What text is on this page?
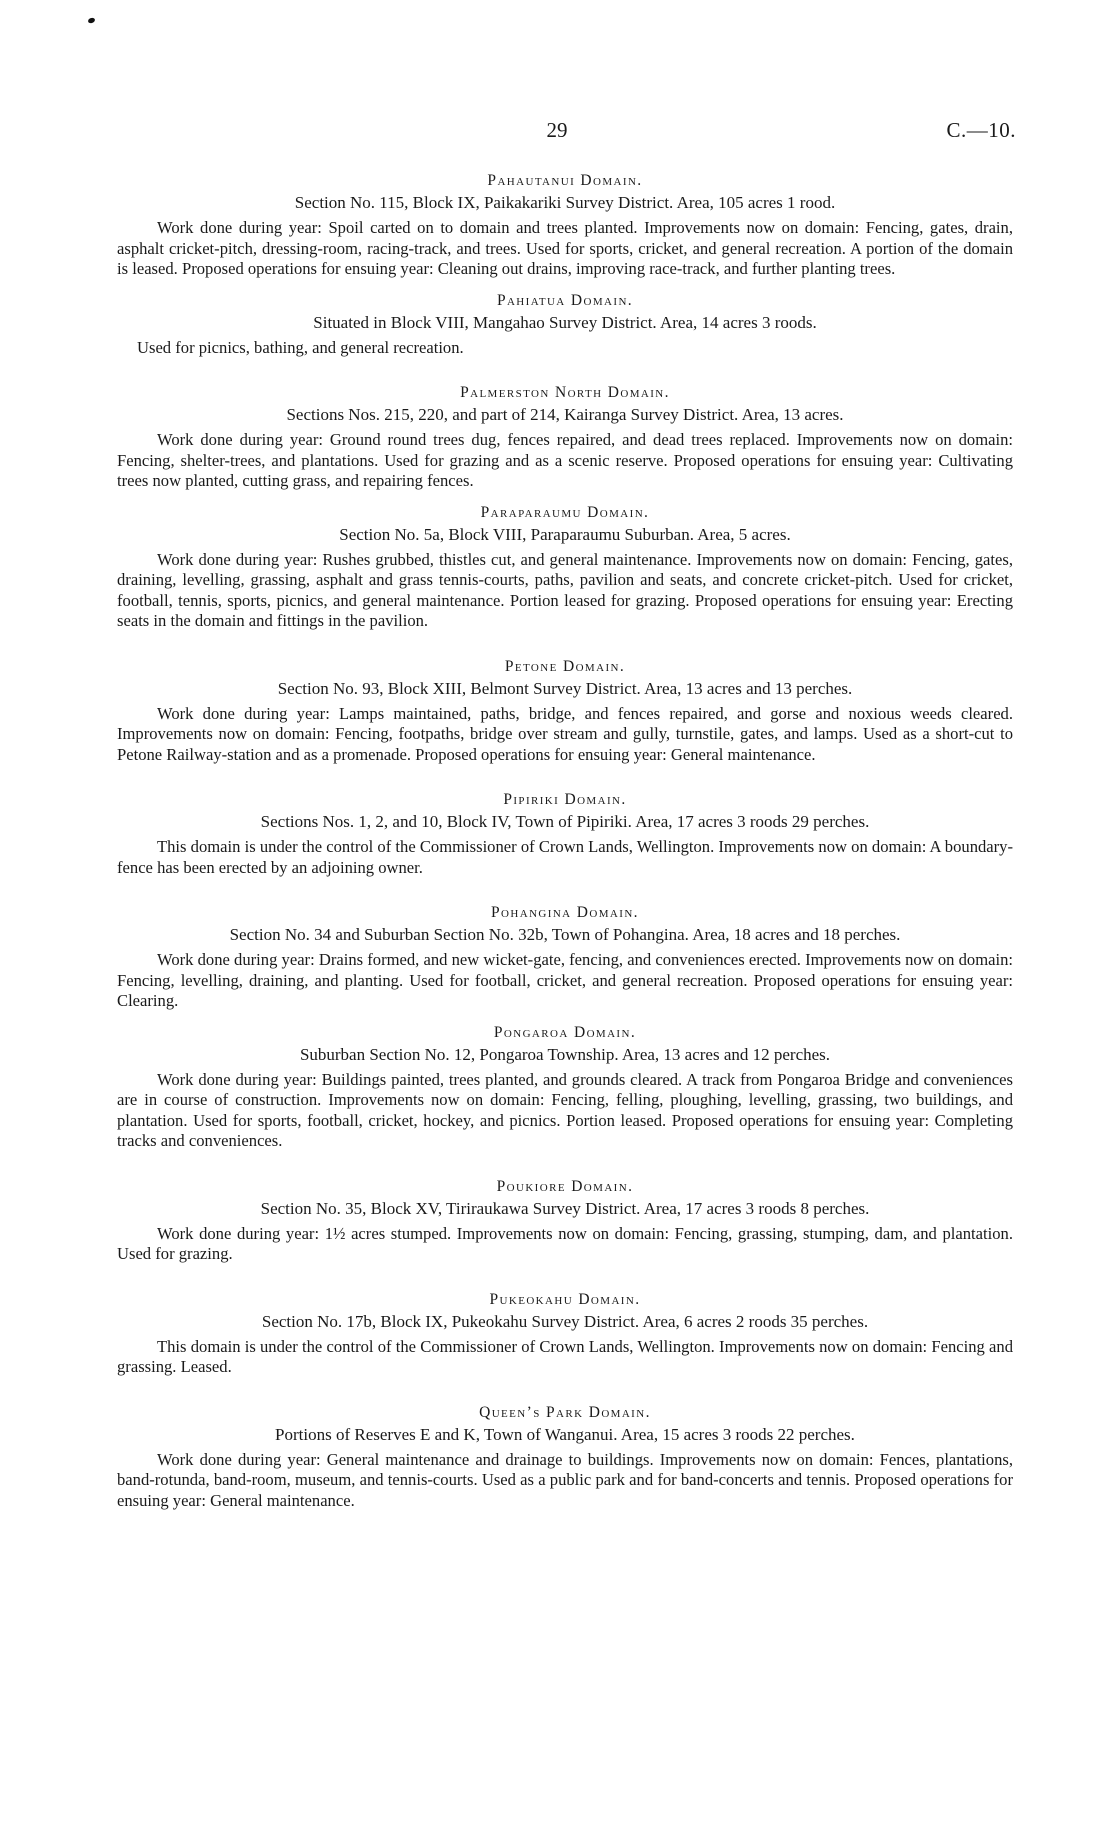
29	C.—10.
Pahautanui Domain.

Section No. 115, Block IX, Paikakariki Survey District. Area, 105 acres 1 rood.

Work done during year: Spoil carted on to domain and trees planted. Improvements now on domain: Fencing, gates, drain, asphalt cricket-pitch, dressing-room, racing-track, and trees. Used for sports, cricket, and general recreation. A portion of the domain is leased. Proposed operations for ensuing year: Cleaning out drains, improving race-track, and further planting trees.

Pahiatua Domain.

Situated in Block VIII, Mangahao Survey District. Area, 14 acres 3 roods.

Used for picnics, bathing, and general recreation.

Palmerston North Domain.

Sections Nos. 215, 220, and part of 214, Kairanga Survey District. Area, 13 acres.

Work done during year: Ground round trees dug, fences repaired, and dead trees replaced. Improvements now on domain: Fencing, shelter-trees, and plantations. Used for grazing and as a scenic reserve. Proposed operations for ensuing year: Cultivating trees now planted, cutting grass, and repairing fences.

Paraparaumu Domain.

Section No. 5a, Block VIII, Paraparaumu Suburban. Area, 5 acres.

Work done during year: Rushes grubbed, thistles cut, and general maintenance. Improvements now on domain: Fencing, gates, draining, levelling, grassing, asphalt and grass tennis-courts, paths, pavilion and seats, and concrete cricket-pitch. Used for cricket, football, tennis, sports, picnics, and general maintenance. Portion leased for grazing. Proposed operations for ensuing year: Erecting seats in the domain and fittings in the pavilion.

Petone Domain.

Section No. 93, Block XIII, Belmont Survey District. Area, 13 acres and 13 perches.

Work done during year: Lamps maintained, paths, bridge, and fences repaired, and gorse and noxious weeds cleared. Improvements now on domain: Fencing, footpaths, bridge over stream and gully, turnstile, gates, and lamps. Used as a short-cut to Petone Railway-station and as a promenade. Proposed operations for ensuing year: General maintenance.

Pipiriki Domain.

Sections Nos. 1, 2, and 10, Block IV, Town of Pipiriki. Area, 17 acres 3 roods 29 perches.

This domain is under the control of the Commissioner of Crown Lands, Wellington. Improvements now on domain: A boundary-fence has been erected by an adjoining owner.

Pohangina Domain.

Section No. 34 and Suburban Section No. 32b, Town of Pohangina. Area, 18 acres and 18 perches.

Work done during year: Drains formed, and new wicket-gate, fencing, and conveniences erected. Improvements now on domain: Fencing, levelling, draining, and planting. Used for football, cricket, and general recreation. Proposed operations for ensuing year: Clearing.

Pongaroa Domain.

Suburban Section No. 12, Pongaroa Township. Area, 13 acres and 12 perches.

Work done during year: Buildings painted, trees planted, and grounds cleared. A track from Pongaroa Bridge and conveniences are in course of construction. Improvements now on domain: Fencing, felling, ploughing, levelling, grassing, two buildings, and plantation. Used for sports, football, cricket, hockey, and picnics. Portion leased. Proposed operations for ensuing year: Completing tracks and conveniences.

Poukiore Domain.

Section No. 35, Block XV, Tiriraukawa Survey District. Area, 17 acres 3 roods 8 perches.

Work done during year: 1½ acres stumped. Improvements now on domain: Fencing, grassing, stumping, dam, and plantation. Used for grazing.

Pukeokahu Domain.

Section No. 17b, Block IX, Pukeokahu Survey District. Area, 6 acres 2 roods 35 perches.

This domain is under the control of the Commissioner of Crown Lands, Wellington. Improvements now on domain: Fencing and grassing. Leased.

Queen’s Park Domain.

Portions of Reserves E and K, Town of Wanganui. Area, 15 acres 3 roods 22 perches.

Work done during year: General maintenance and drainage to buildings. Improvements now on domain: Fences, plantations, band-rotunda, band-room, museum, and tennis-courts. Used as a public park and for band-concerts and tennis. Proposed operations for ensuing year: General maintenance.
